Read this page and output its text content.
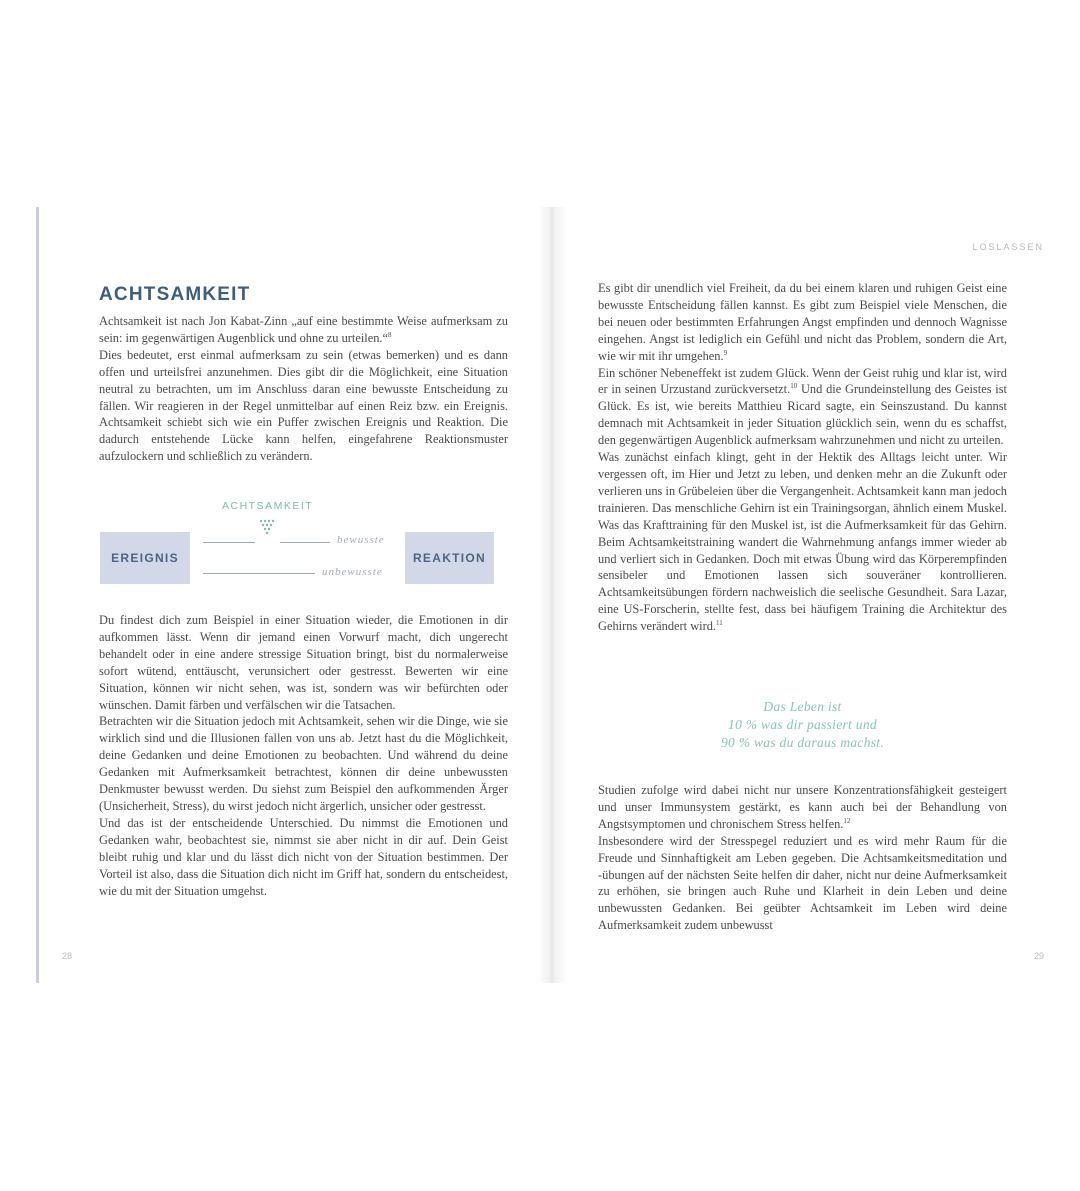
LOSLASSEN
28	29
ACHTSAMKEIT

Achtsamkeit ist nach Jon Kabat-Zinn „auf eine bestimmte Weise aufmerksam zu sein: im gegenwärtigen Augenblick und ohne zu urteilen.“$^8$

Dies bedeutet, erst einmal aufmerksam zu sein (etwas bemerken) und es dann offen und urteilsfrei anzunehmen. Dies gibt dir die Möglichkeit, eine Situation neutral zu betrachten, um im Anschluss daran eine bewusste Entscheidung zu fällen. Wir reagieren in der Regel unmittelbar auf einen Reiz bzw. ein Ereignis. Achtsamkeit schiebt sich wie ein Puffer zwischen Ereignis und Reaktion. Die dadurch entstehende Lücke kann helfen, eingefahrene Reaktionsmuster aufzulockern und schließlich zu verändern.

ACHTSAMKEIT
EREIGNIS	REAKTION
bewusste
unbewusste

Du findest dich zum Beispiel in einer Situation wieder, die Emotionen in dir aufkommen lässt. Wenn dir jemand einen Vorwurf macht, dich ungerecht behandelt oder in eine andere stressige Situation bringt, bist du normalerweise sofort wütend, enttäuscht, verunsichert oder gestresst. Bewerten wir eine Situation, können wir nicht sehen, was ist, sondern was wir befürchten oder wünschen. Damit färben und verfälschen wir die Tatsachen.

Betrachten wir die Situation jedoch mit Achtsamkeit, sehen wir die Dinge, wie sie wirklich sind und die Illusionen fallen von uns ab. Jetzt hast du die Möglichkeit, deine Gedanken und deine Emotionen zu beobachten. Und während du deine Gedanken mit Aufmerksamkeit betrachtest, können dir deine unbewussten Denkmuster bewusst werden. Du siehst zum Beispiel den aufkommenden Ärger (Unsicherheit, Stress), du wirst jedoch nicht ärgerlich, unsicher oder gestresst.

Und das ist der entscheidende Unterschied. Du nimmst die Emotionen und Gedanken wahr, beobachtest sie, nimmst sie aber nicht in dir auf. Dein Geist bleibt ruhig und klar und du lässt dich nicht von der Situation bestimmen. Der Vorteil ist also, dass die Situation dich nicht im Griff hat, sondern du entscheidest, wie du mit der Situation umgehst.

Es gibt dir unendlich viel Freiheit, da du bei einem klaren und ruhigen Geist eine bewusste Entscheidung fällen kannst. Es gibt zum Beispiel viele Menschen, die bei neuen oder bestimmten Erfahrungen Angst empfinden und dennoch Wagnisse eingehen. Angst ist lediglich ein Gefühl und nicht das Problem, sondern die Art, wie wir mit ihr umgehen.$^9$

Ein schöner Nebeneffekt ist zudem Glück. Wenn der Geist ruhig und klar ist, wird er in seinen Urzustand zurückversetzt.$^{10}$ Und die Grundeinstellung des Geistes ist Glück. Es ist, wie bereits Matthieu Ricard sagte, ein Seinszustand. Du kannst demnach mit Achtsamkeit in jeder Situation glücklich sein, wenn du es schaffst, den gegenwärtigen Augenblick aufmerksam wahrzunehmen und nicht zu urteilen.

Was zunächst einfach klingt, geht in der Hektik des Alltags leicht unter. Wir vergessen oft, im Hier und Jetzt zu leben, und denken mehr an die Zukunft oder verlieren uns in Grübeleien über die Vergangenheit. Achtsamkeit kann man jedoch trainieren. Das menschliche Gehirn ist ein Trainingsorgan, ähnlich einem Muskel. Was das Krafttraining für den Muskel ist, ist die Aufmerksamkeit für das Gehirn. Beim Achtsamkeitstraining wandert die Wahrnehmung anfangs immer wieder ab und verliert sich in Gedanken. Doch mit etwas Übung wird das Körperempfinden sensibeler und Emotionen lassen sich souveräner kontrollieren. Achtsamkeitsübungen fördern nachweislich die seelische Gesundheit. Sara Lazar, eine US-Forscherin, stellte fest, dass bei häufigem Training die Architektur des Gehirns verändert wird.$^{11}$

Das Leben ist
10 % was dir passiert und
90 % was du daraus machst.

Studien zufolge wird dabei nicht nur unsere Konzentrationsfähigkeit gesteigert und unser Immunsystem gestärkt, es kann auch bei der Behandlung von Angstsymptomen und chronischem Stress helfen.$^{12}$

Insbesondere wird der Stresspegel reduziert und es wird mehr Raum für die Freude und Sinnhaftigkeit am Leben gegeben. Die Achtsamkeitsmeditation und -übungen auf der nächsten Seite helfen dir daher, nicht nur deine Aufmerksamkeit zu erhöhen, sie bringen auch Ruhe und Klarheit in dein Leben und deine unbewussten Gedanken. Bei geübter Achtsamkeit im Leben wird deine Aufmerksamkeit zudem unbewusst
